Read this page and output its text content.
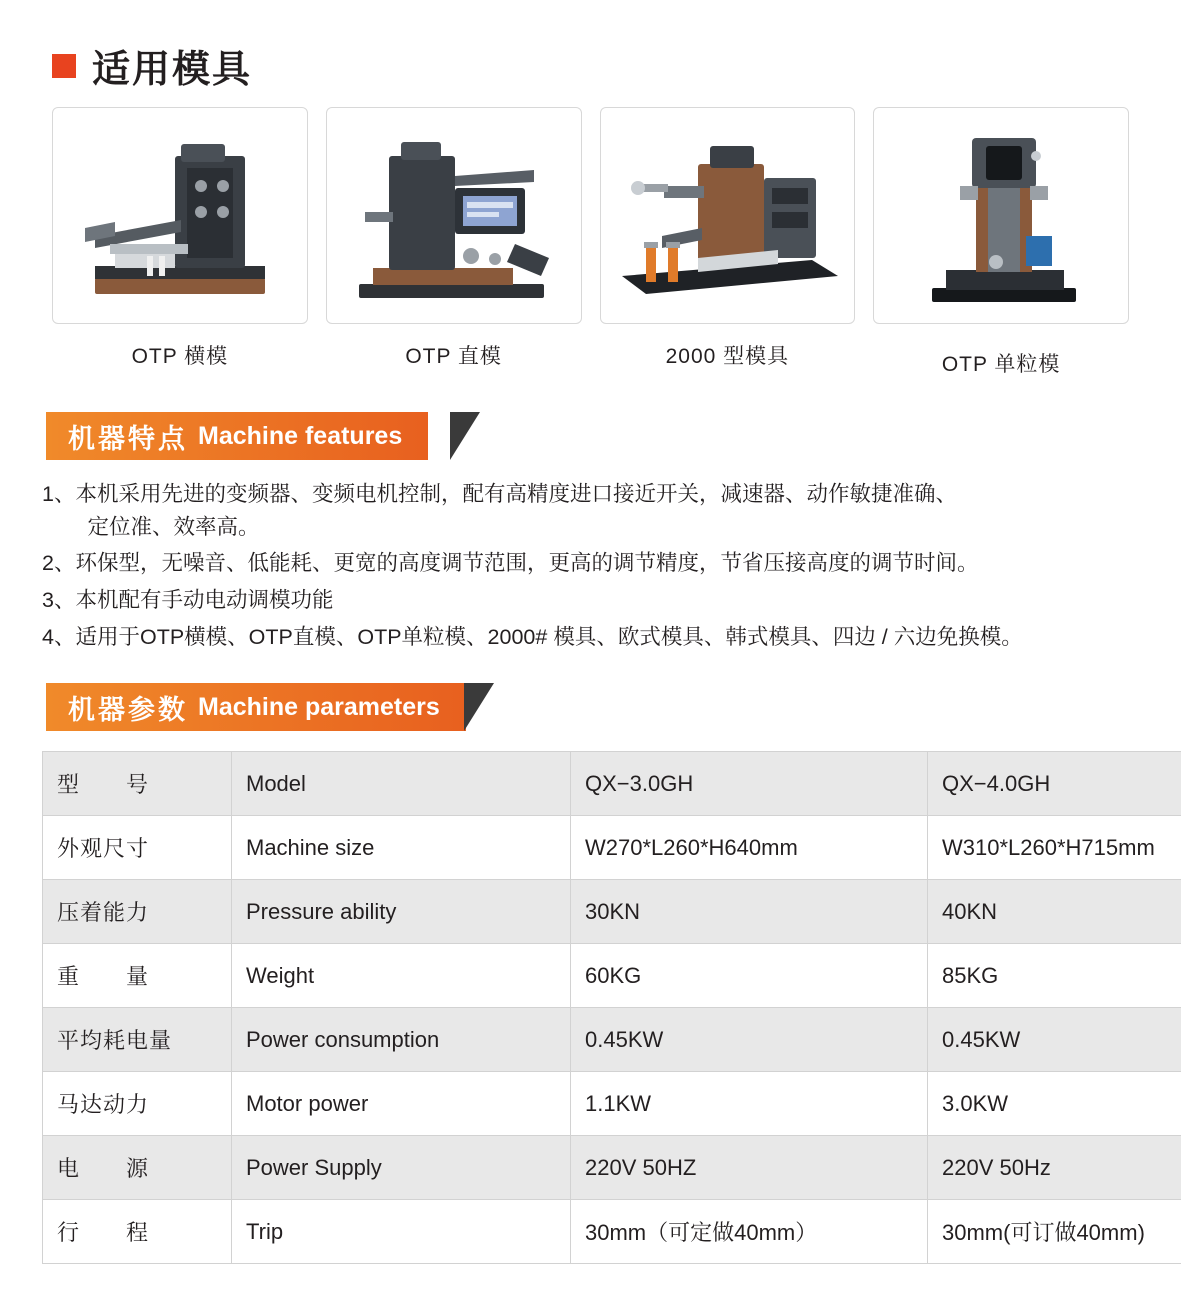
适用模具
OTP 横模	OTP 直模	2000 型模具	OTP 单粒模
机器特点 Machine features
1、 本机采用先进的变频器、变频电机控制，配有高精度进口接近开关，减速器、动作敏捷准确、
定位准、效率高。
2、 环保型，无噪音、低能耗、更宽的高度调节范围，更高的调节精度，节省压接高度的调节时间。
3、 本机配有手动电动调模功能
4、 适用于OTP横模、OTP直模、OTP单粒模、2000# 模具、欧式模具、韩式模具、四边 / 六边免换模。
机器参数 Machine parameters
型　　号	Model	QX−3.0GH	QX−4.0GH
外观尺寸	Machine size	W270*L260*H640mm	W310*L260*H715mm
压着能力	Pressure ability	30KN	40KN
重　　量	Weight	60KG	85KG
平均耗电量	Power consumption	0.45KW	0.45KW
马达动力	Motor power	1.1KW	3.0KW
电　　源	Power Supply	220V 50HZ	220V 50Hz
行　　程	Trip	30mm（可定做40mm）	30mm(可订做40mm)
